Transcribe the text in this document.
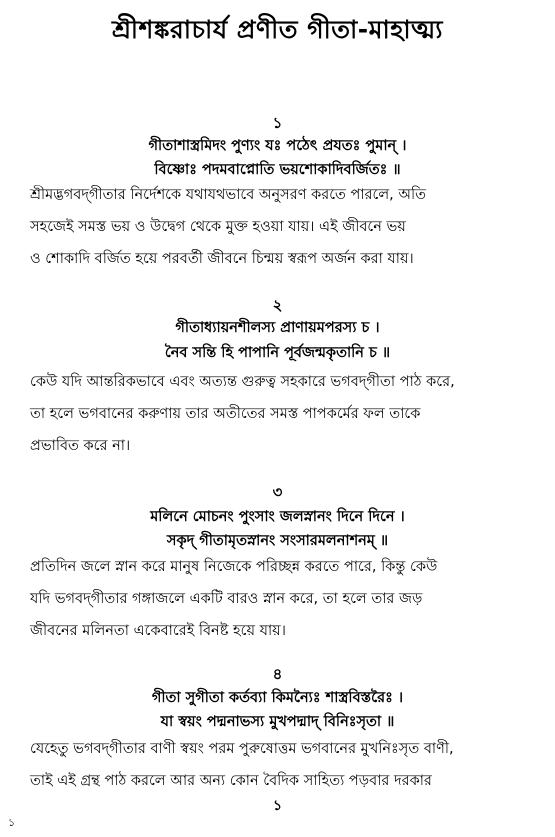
শ্রীশঙ্করাচার্য প্রণীত গীতা-মাহাত্ম্য
১
গীতাশাস্ত্রমিদং পুণ্যং যঃ পঠেৎ প্রযতঃ পুমান্ ।
বিষ্ণোঃ পদমবাপ্নোতি ভয়শোকাদিবর্জিতঃ ॥
শ্রীমদ্ভগবদ্‌গীতার নির্দেশকে যথাযথভাবে অনুসরণ করতে পারলে, অতি
সহজেই সমস্ত ভয় ও উদ্বেগ থেকে মুক্ত হওয়া যায়। এই জীবনে ভয়
ও শোকাদি বর্জিত হয়ে পরবর্তী জীবনে চিন্ময় স্বরূপ অর্জন করা যায়।
২
গীতাধ্যায়নশীলস্য প্রাণায়মপরস্য চ ।
নৈব সন্তি হি পাপানি পূর্বজন্মকৃতানি চ ॥
কেউ যদি আন্তরিকভাবে এবং অত্যন্ত গুরুত্ব সহকারে ভগবদ্‌গীতা পাঠ করে,
তা হলে ভগবানের করুণায় তার অতীতের সমস্ত পাপকর্মের ফল তাকে
প্রভাবিত করে না।
৩
মলিনে মোচনং পুংসাং জলস্নানং দিনে দিনে ।
সকৃদ্ গীতামৃতস্নানং সংসারমলনাশনম্ ॥
প্রতিদিন জলে স্নান করে মানুষ নিজেকে পরিচ্ছন্ন করতে পারে, কিন্তু কেউ
যদি ভগবদ্‌গীতার গঙ্গাজলে একটি বারও স্নান করে, তা হলে তার জড়
জীবনের মলিনতা একেবারেই বিনষ্ট হয়ে যায়।
৪
গীতা সুগীতা কর্তব্যা কিমন্যৈঃ শাস্ত্রবিস্তরৈঃ ।
যা স্বয়ং পদ্মনাভস্য মুখপদ্মাদ্ বিনিঃসৃতা ॥
যেহেতু ভগবদ্‌গীতার বাণী স্বয়ং পরম পুরুষোত্তম ভগবানের মুখনিঃসৃত বাণী,
তাই এই গ্রন্থ পাঠ করলে আর অন্য কোন বৈদিক সাহিত্য পড়বার দরকার
১
১
